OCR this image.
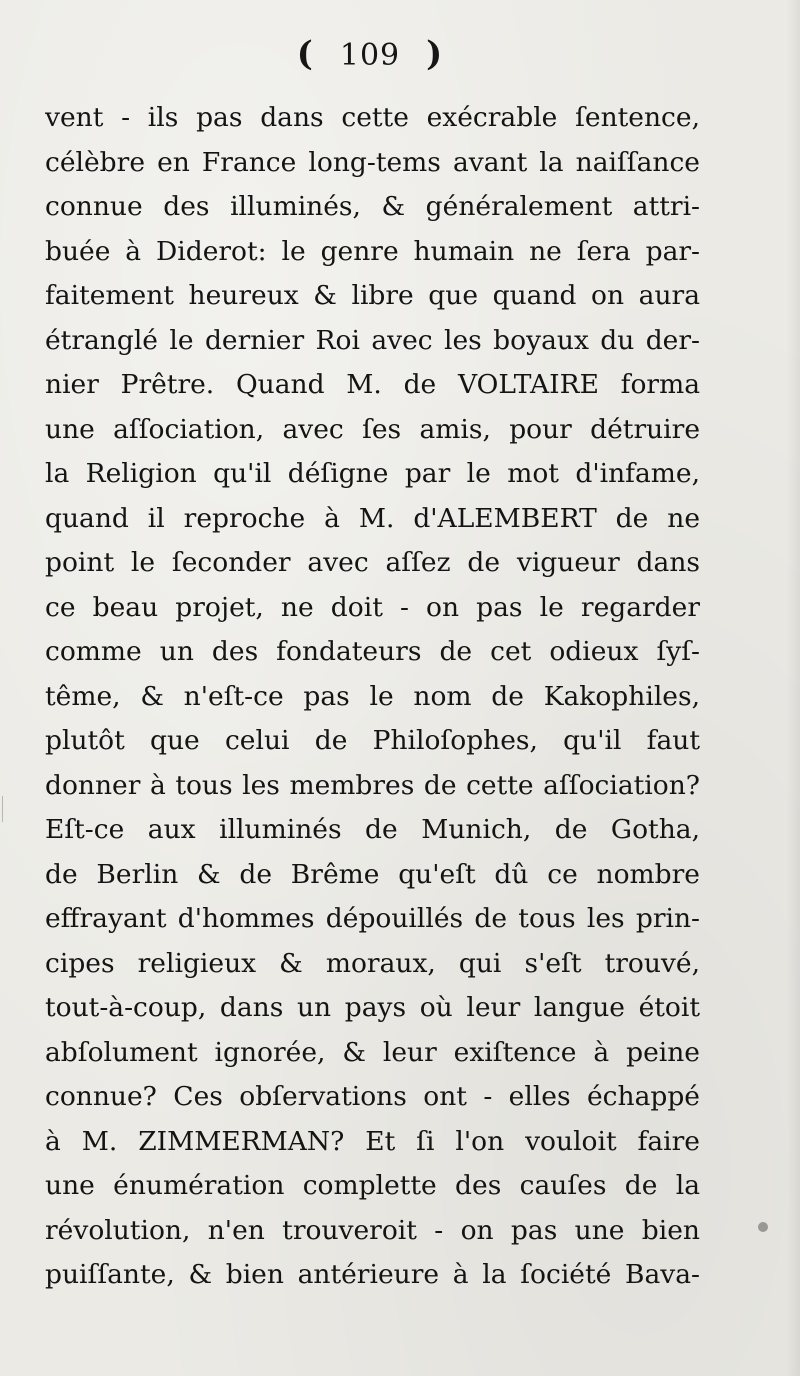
( 109 )
vent - ils pas dans cette exécrable ſentence,
célèbre en France long-tems avant la naiſſance
connue des illuminés, & généralement attri-
buée à Diderot: le genre humain ne ſera par-
faitement heureux & libre que quand on aura
étranglé le dernier Roi avec les boyaux du der-
nier Prêtre. Quand M. de VOLTAIRE forma
une aſſociation, avec ſes amis, pour détruire
la Religion qu'il déſigne par le mot d'infame,
quand il reproche à M. d'ALEMBERT de ne
point le ſeconder avec aſſez de vigueur dans
ce beau projet, ne doit - on pas le regarder
comme un des fondateurs de cet odieux ſyſ-
tême, & n'eſt-ce pas le nom de Kakophiles,
plutôt que celui de Philoſophes, qu'il faut
donner à tous les membres de cette aſſociation?
Eſt-ce aux illuminés de Munich, de Gotha,
de Berlin & de Brême qu'eſt dû ce nombre
effrayant d'hommes dépouillés de tous les prin-
cipes religieux & moraux, qui s'eſt trouvé,
tout-à-coup, dans un pays où leur langue étoit
abſolument ignorée, & leur exiſtence à peine
connue? Ces obſervations ont - elles échappé
à M. ZIMMERMAN? Et ſi l'on vouloit faire
une énumération complette des cauſes de la
révolution, n'en trouveroit - on pas une bien
puiſſante, & bien antérieure à la ſociété Bava-
